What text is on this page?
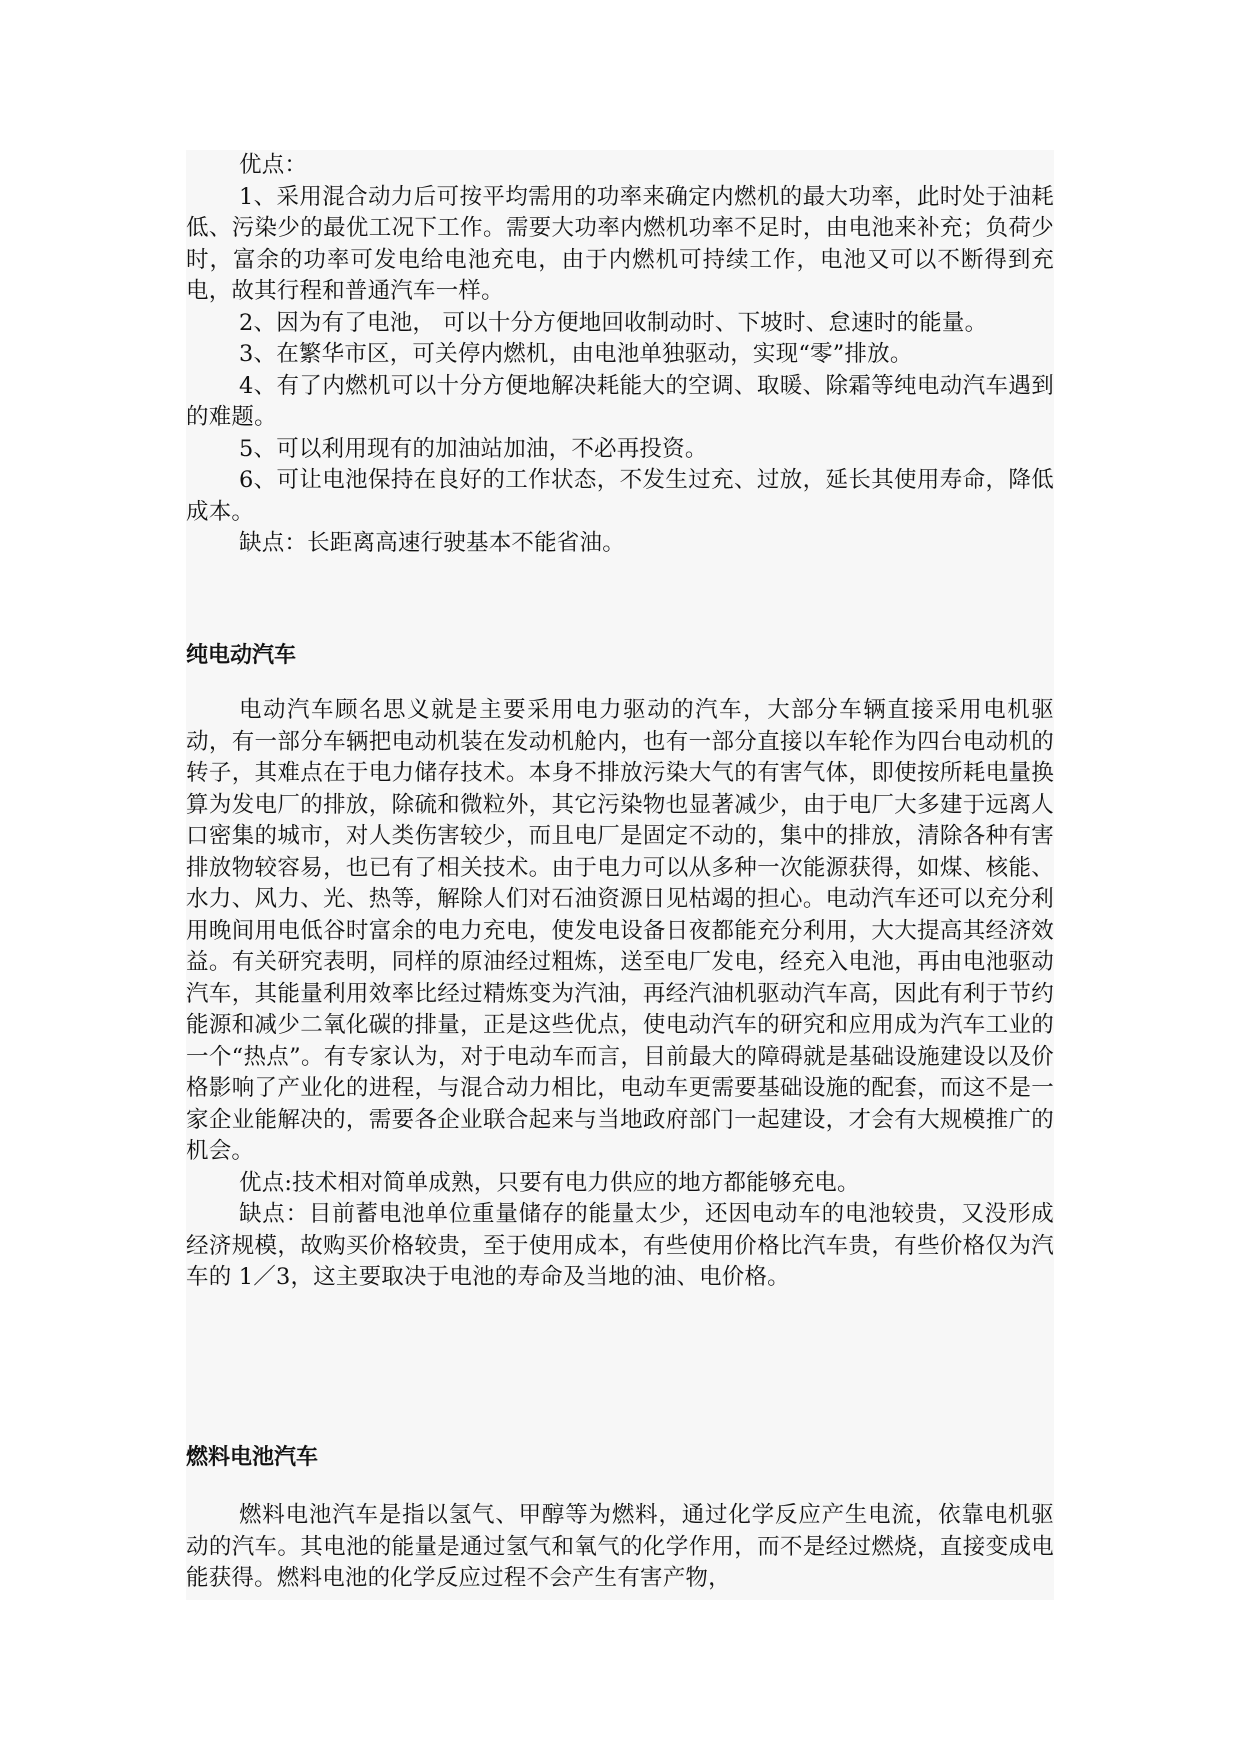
优点：

1、采用混合动力后可按平均需用的功率来确定内燃机的最大功率，此时处于油耗低、污染少的最优工况下工作。需要大功率内燃机功率不足时，由电池来补充；负荷少时，富余的功率可发电给电池充电，由于内燃机可持续工作，电池又可以不断得到充电，故其行程和普通汽车一样。

2、因为有了电池， 可以十分方便地回收制动时、下坡时、怠速时的能量。

3、在繁华市区，可关停内燃机，由电池单独驱动，实现“零”排放。

4、有了内燃机可以十分方便地解决耗能大的空调、取暖、除霜等纯电动汽车遇到的难题。

5、可以利用现有的加油站加油，不必再投资。

6、可让电池保持在良好的工作状态，不发生过充、过放，延长其使用寿命，降低成本。

缺点：长距离高速行驶基本不能省油。

纯电动汽车

电动汽车顾名思义就是主要采用电力驱动的汽车，大部分车辆直接采用电机驱动，有一部分车辆把电动机装在发动机舱内，也有一部分直接以车轮作为四台电动机的转子，其难点在于电力储存技术。本身不排放污染大气的有害气体，即使按所耗电量换算为发电厂的排放，除硫和微粒外，其它污染物也显著减少，由于电厂大多建于远离人口密集的城市，对人类伤害较少，而且电厂是固定不动的，集中的排放，清除各种有害排放物较容易，也已有了相关技术。由于电力可以从多种一次能源获得，如煤、核能、水力、风力、光、热等，解除人们对石油资源日见枯竭的担心。电动汽车还可以充分利用晚间用电低谷时富余的电力充电，使发电设备日夜都能充分利用，大大提高其经济效益。有关研究表明，同样的原油经过粗炼，送至电厂发电，经充入电池，再由电池驱动汽车，其能量利用效率比经过精炼变为汽油，再经汽油机驱动汽车高，因此有利于节约能源和减少二氧化碳的排量，正是这些优点，使电动汽车的研究和应用成为汽车工业的一个“热点”。有专家认为，对于电动车而言，目前最大的障碍就是基础设施建设以及价格影响了产业化的进程，与混合动力相比，电动车更需要基础设施的配套，而这不是一家企业能解决的，需要各企业联合起来与当地政府部门一起建设，才会有大规模推广的机会。

优点:技术相对简单成熟，只要有电力供应的地方都能够充电。

缺点：目前蓄电池单位重量储存的能量太少，还因电动车的电池较贵，又没形成经济规模，故购买价格较贵，至于使用成本，有些使用价格比汽车贵，有些价格仅为汽车的 1／3，这主要取决于电池的寿命及当地的油、电价格。

燃料电池汽车

燃料电池汽车是指以氢气、甲醇等为燃料，通过化学反应产生电流，依靠电机驱动的汽车。其电池的能量是通过氢气和氧气的化学作用，而不是经过燃烧，直接变成电能获得。燃料电池的化学反应过程不会产生有害产物，
